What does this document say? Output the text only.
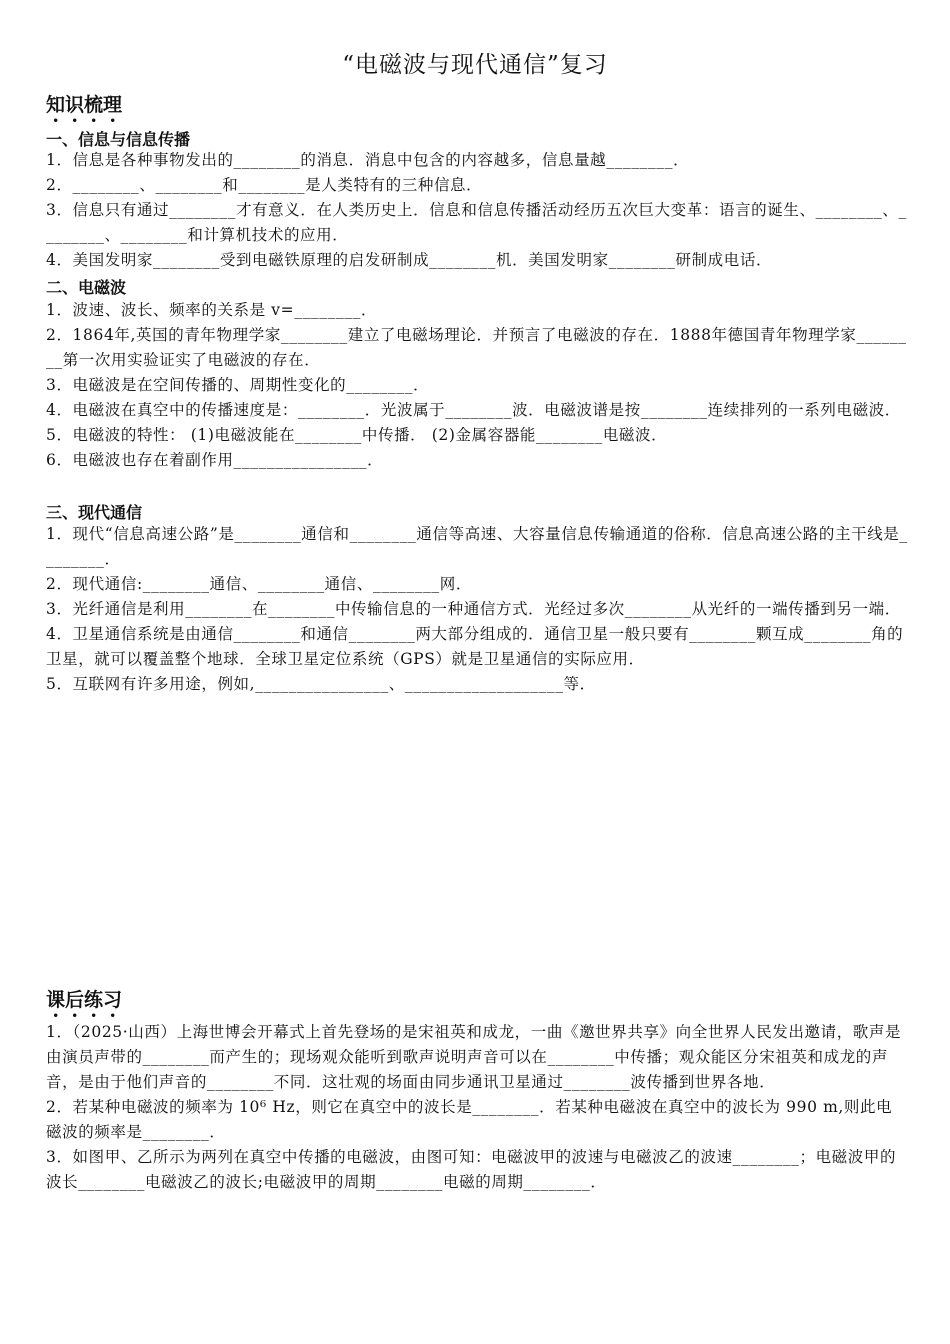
“电磁波与现代通信”复习
知识梳理
一、信息与信息传播
1．信息是各种事物发出的________的消息．消息中包含的内容越多，信息量越________．
2．________、________和________是人类特有的三种信息．
3．信息只有通过________才有意义．在人类历史上．信息和信息传播活动经历五次巨大变革：语言的诞生、________、________、________和计算机技术的应用．
4．美国发明家________受到电磁铁原理的启发研制成________机．美国发明家________研制成电话．
二、电磁波
1．波速、波长、频率的关系是 v=________．
2．1864年,英国的青年物理学家________建立了电磁场理论．并预言了电磁波的存在．1888年德国青年物理学家________第一次用实验证实了电磁波的存在．
3．电磁波是在空间传播的、周期性变化的________．
4．电磁波在真空中的传播速度是：________．光波属于________波．电磁波谱是按________连续排列的一系列电磁波．
5．电磁波的特性： (1)电磁波能在________中传播． (2)金属容器能________电磁波．
6．电磁波也存在着副作用________________．
三、现代通信
1．现代“信息高速公路”是________通信和________通信等高速、大容量信息传输通道的俗称．信息高速公路的主干线是________．
2．现代通信:________通信、________通信、________网．
3．光纤通信是利用________在________中传输信息的一种通信方式．光经过多次________从光纤的一端传播到另一端．
4．卫星通信系统是由通信________和通信________两大部分组成的．通信卫星一般只要有________颗互成________角的卫星，就可以覆盖整个地球．全球卫星定位系统（GPS）就是卫星通信的实际应用．
5．互联网有许多用途，例如,________________、___________________等．
课后练习
1．（2025·山西）上海世博会开幕式上首先登场的是宋祖英和成龙，一曲《邀世界共享》向全世界人民发出邀请，歌声是由演员声带的________而产生的；现场观众能听到歌声说明声音可以在________中传播；观众能区分宋祖英和成龙的声音，是由于他们声音的________不同．这壮观的场面由同步通讯卫星通过________波传播到世界各地．
2．若某种电磁波的频率为 10⁶ Hz，则它在真空中的波长是________．若某种电磁波在真空中的波长为 990 m,则此电磁波的频率是________．
3．如图甲、乙所示为两列在真空中传播的电磁波，由图可知：电磁波甲的波速与电磁波乙的波速________；电磁波甲的波长________电磁波乙的波长;电磁波甲的周期________电磁的周期________．
